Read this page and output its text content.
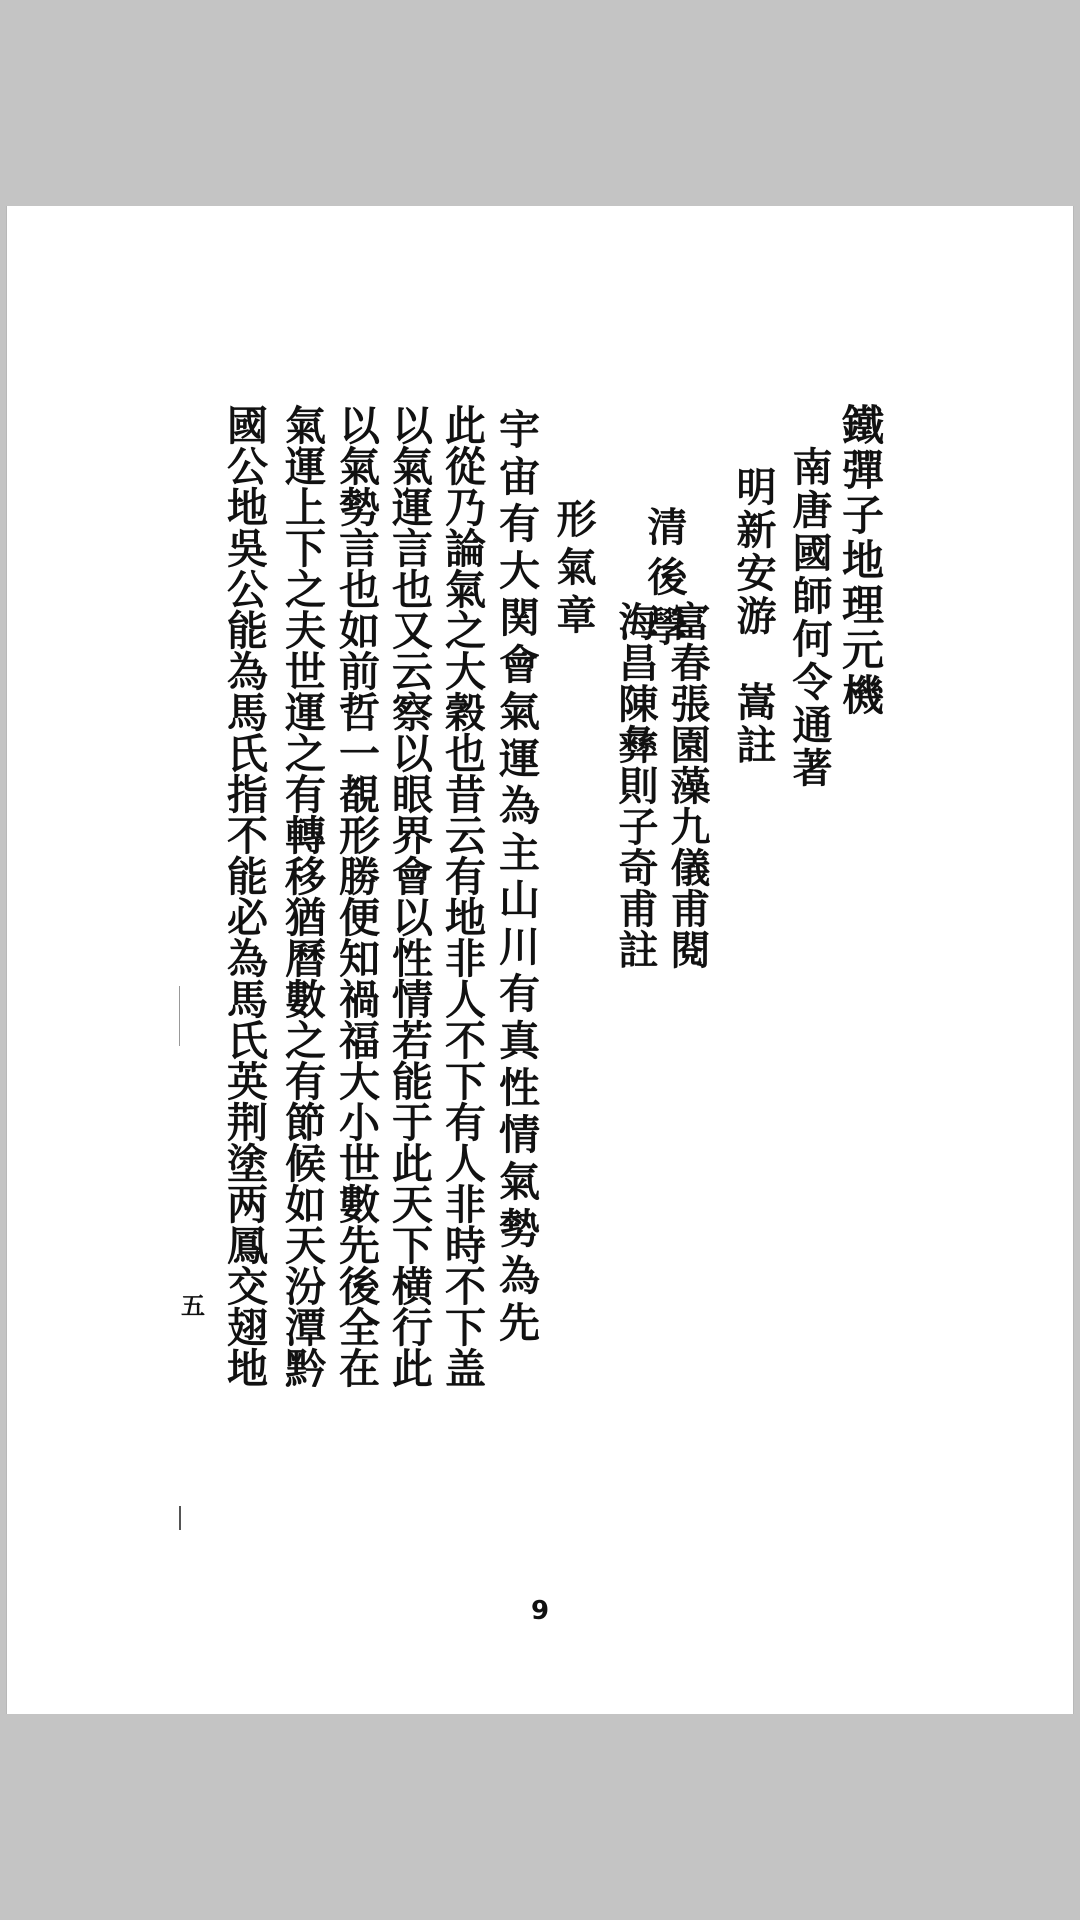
鐵彈子地理元機
南唐國師何令通著
明新安游　嵩註
清後學
富春張園藻九儀甫閱
海昌陳彝則子奇甫註
形氣章
宇宙有大関會氣運為主山川有真性情氣勢為先
此從乃論氣之大穀也昔云有地非人不下有人非時不下盖
以氣運言也又云察以眼界會以性情若能于此天下横行此
以氣勢言也如前哲一覩形勝便知禍福大小世數先後全在
氣運上下之夫世運之有轉移猶曆數之有節候如天汾潭黔
國公地吳公能為馬氏指不能必為馬氏英荆塗两鳳交翅地
五
9
